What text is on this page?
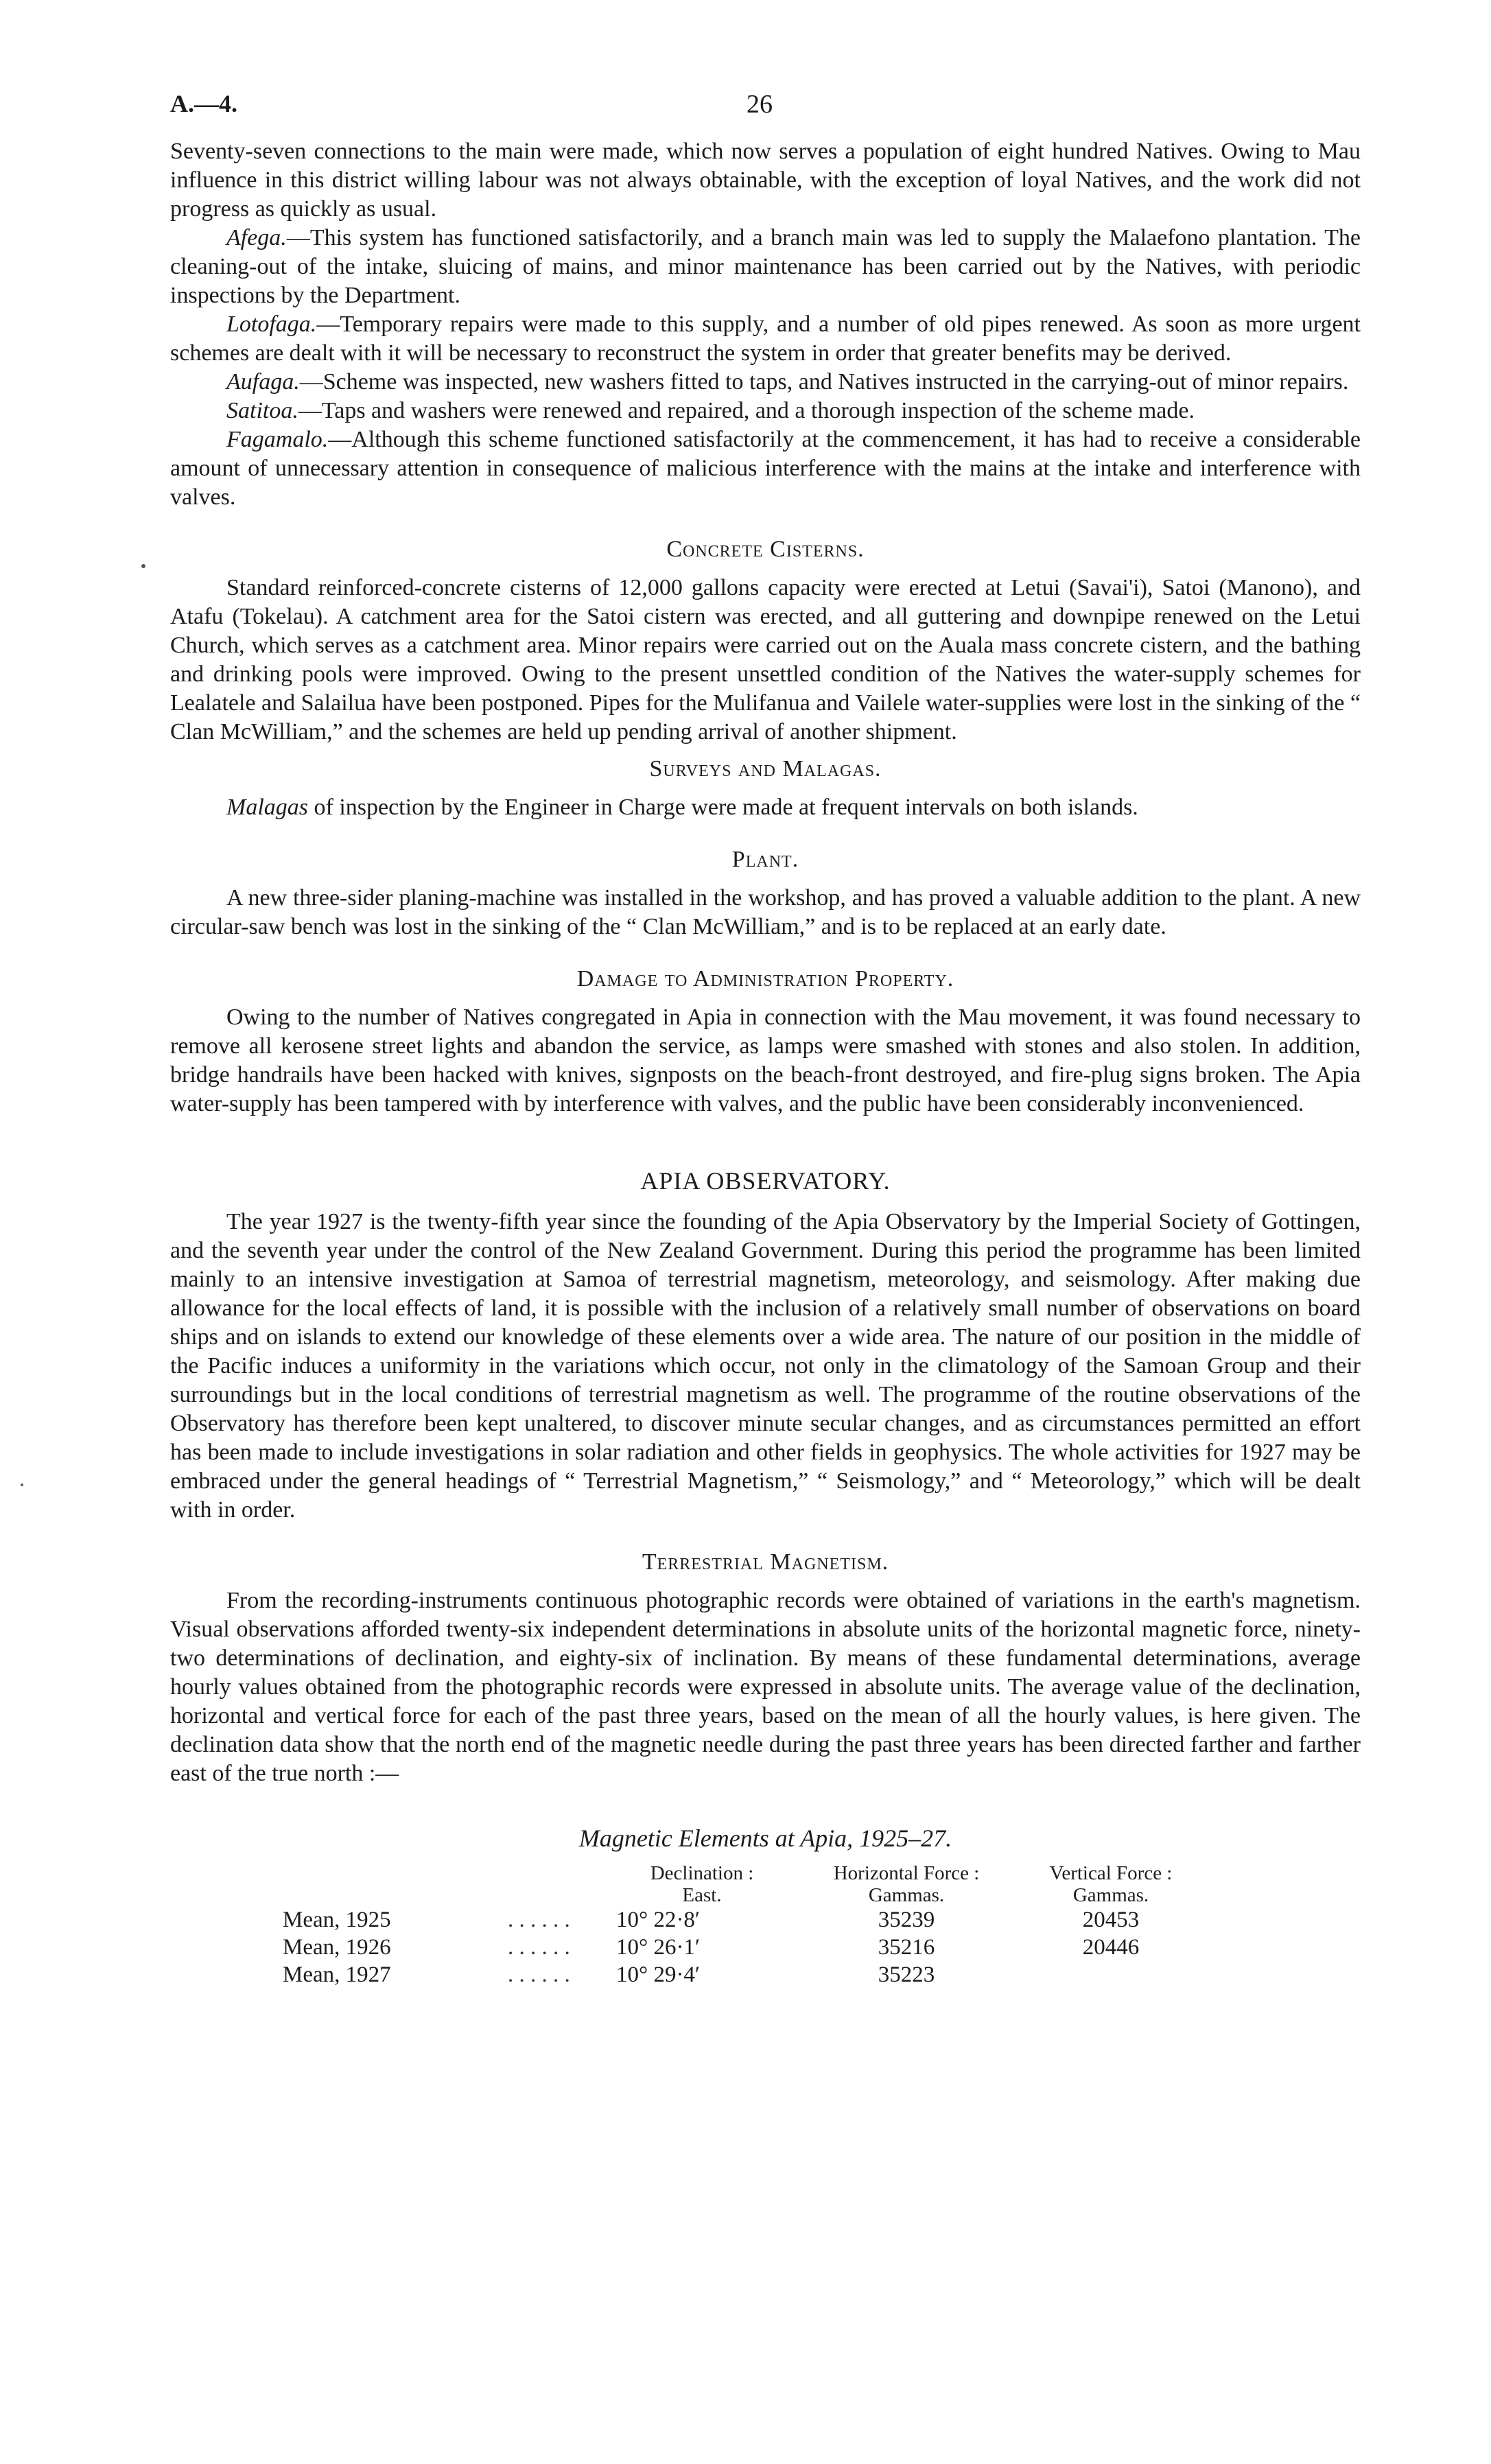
A.—4.	26

Seventy-seven connections to the main were made, which now serves a population of eight hundred Natives. Owing to Mau influence in this district willing labour was not always obtainable, with the exception of loyal Natives, and the work did not progress as quickly as usual.

Afega.—This system has functioned satisfactorily, and a branch main was led to supply the Malaefono plantation. The cleaning-out of the intake, sluicing of mains, and minor maintenance has been carried out by the Natives, with periodic inspections by the Department.

Lotofaga.—Temporary repairs were made to this supply, and a number of old pipes renewed. As soon as more urgent schemes are dealt with it will be necessary to reconstruct the system in order that greater benefits may be derived.

Aufaga.—Scheme was inspected, new washers fitted to taps, and Natives instructed in the carrying-out of minor repairs.

Satitoa.—Taps and washers were renewed and repaired, and a thorough inspection of the scheme made.

Fagamalo.—Although this scheme functioned satisfactorily at the commencement, it has had to receive a considerable amount of unnecessary attention in consequence of malicious interference with the mains at the intake and interference with valves.

Concrete Cisterns.

Standard reinforced-concrete cisterns of 12,000 gallons capacity were erected at Letui (Savai'i), Satoi (Manono), and Atafu (Tokelau). A catchment area for the Satoi cistern was erected, and all guttering and downpipe renewed on the Letui Church, which serves as a catchment area. Minor repairs were carried out on the Auala mass concrete cistern, and the bathing and drinking pools were improved. Owing to the present unsettled condition of the Natives the water-supply schemes for Lealatele and Salailua have been postponed. Pipes for the Mulifanua and Vailele water-supplies were lost in the sinking of the “ Clan McWilliam,” and the schemes are held up pending arrival of another shipment.

Surveys and Malagas.

Malagas of inspection by the Engineer in Charge were made at frequent intervals on both islands.

Plant.

A new three-sider planing-machine was installed in the workshop, and has proved a valuable addition to the plant. A new circular-saw bench was lost in the sinking of the “ Clan McWilliam,” and is to be replaced at an early date.

Damage to Administration Property.

Owing to the number of Natives congregated in Apia in connection with the Mau movement, it was found necessary to remove all kerosene street lights and abandon the service, as lamps were smashed with stones and also stolen. In addition, bridge handrails have been hacked with knives, signposts on the beach-front destroyed, and fire-plug signs broken. The Apia water-supply has been tampered with by interference with valves, and the public have been considerably inconvenienced.

APIA OBSERVATORY.

The year 1927 is the twenty-fifth year since the founding of the Apia Observatory by the Imperial Society of Gottingen, and the seventh year under the control of the New Zealand Government. During this period the programme has been limited mainly to an intensive investigation at Samoa of terrestrial magnetism, meteorology, and seismology. After making due allowance for the local effects of land, it is possible with the inclusion of a relatively small number of observations on board ships and on islands to extend our knowledge of these elements over a wide area. The nature of our position in the middle of the Pacific induces a uniformity in the variations which occur, not only in the climatology of the Samoan Group and their surroundings but in the local conditions of terrestrial magnetism as well. The programme of the routine observations of the Observatory has therefore been kept unaltered, to discover minute secular changes, and as circumstances permitted an effort has been made to include investigations in solar radiation and other fields in geophysics. The whole activities for 1927 may be embraced under the general headings of “ Terrestrial Magnetism,” “ Seismology,” and “ Meteorology,” which will be dealt with in order.

Terrestrial Magnetism.

From the recording-instruments continuous photographic records were obtained of variations in the earth's magnetism. Visual observations afforded twenty-six independent determinations in absolute units of the horizontal magnetic force, ninety-two determinations of declination, and eighty-six of inclination. By means of these fundamental determinations, average hourly values obtained from the photographic records were expressed in absolute units. The average value of the declination, horizontal and vertical force for each of the past three years, based on the mean of all the hourly values, is here given. The declination data show that the north end of the magnetic needle during the past three years has been directed farther and farther east of the true north :—

Magnetic Elements at Apia, 1925–27.
		Declination :
East.	Horizontal Force :
Gammas.	Vertical Force :
Gammas.
Mean, 1925	. . . . . .	10° 22·8′	35239	20453
Mean, 1926	. . . . . .	10° 26·1′	35216	20446
Mean, 1927	. . . . . .	10° 29·4′	35223	
